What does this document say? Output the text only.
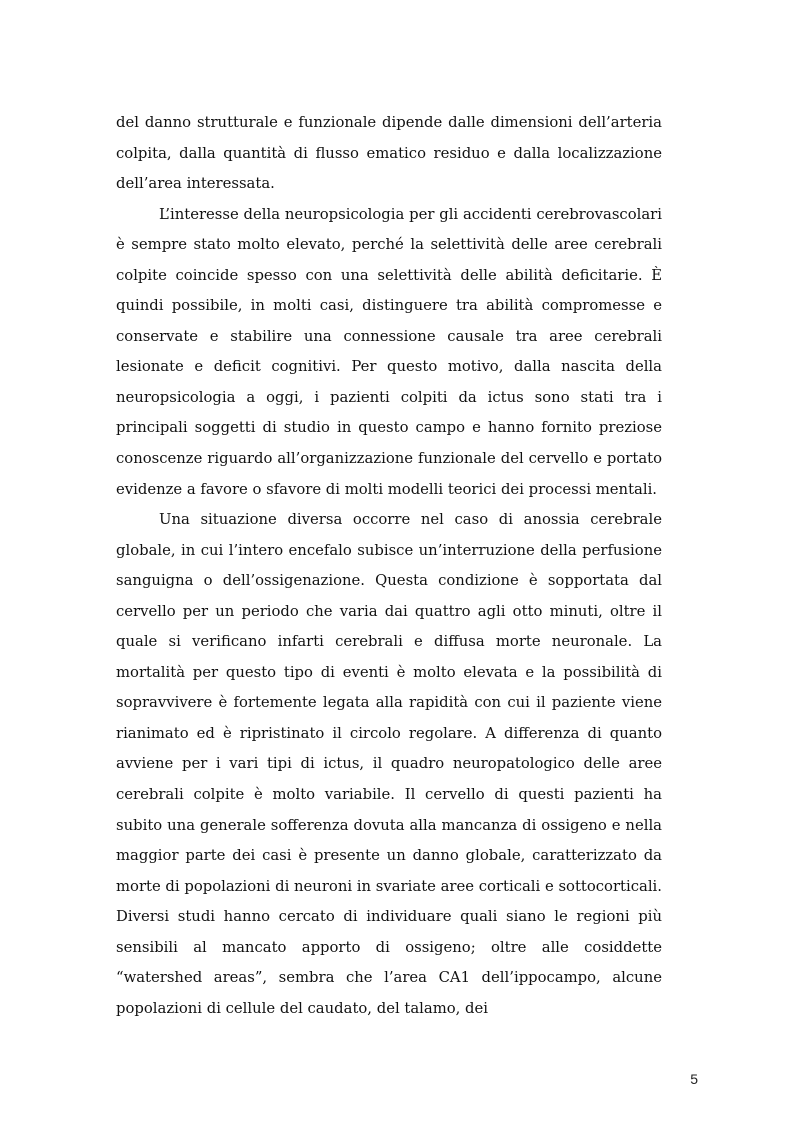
del danno strutturale e funzionale dipende dalle dimensioni dell’arteria colpita, dalla quantità di flusso ematico residuo e dalla localizzazione dell’area interessata.

L’interesse della neuropsicologia per gli accidenti cerebrovascolari è sempre stato molto elevato, perché la selettività delle aree cerebrali colpite coincide spesso con una selettività delle abilità deficitarie. È quindi possibile, in molti casi, distinguere tra abilità compromesse e conservate e stabilire una connessione causale tra aree cerebrali lesionate e deficit cognitivi. Per questo motivo, dalla nascita della neuropsicologia a oggi, i pazienti colpiti da ictus sono stati tra i principali soggetti di studio in questo campo e hanno fornito preziose conoscenze riguardo all’organizzazione funzionale del cervello e portato evidenze a favore o sfavore di molti modelli teorici dei processi mentali.

Una situazione diversa occorre nel caso di anossia cerebrale globale, in cui l’intero encefalo subisce un’interruzione della perfusione sanguigna o dell’ossigenazione. Questa condizione è sopportata dal cervello per un periodo che varia dai quattro agli otto minuti, oltre il quale si verificano infarti cerebrali e diffusa morte neuronale. La mortalità per questo tipo di eventi è molto elevata e la possibilità di sopravvivere è fortemente legata alla rapidità con cui il paziente viene rianimato ed è ripristinato il circolo regolare. A differenza di quanto avviene per i vari tipi di ictus, il quadro neuropatologico delle aree cerebrali colpite è molto variabile. Il cervello di questi pazienti ha subito una generale sofferenza dovuta alla mancanza di ossigeno e nella maggior parte dei casi è presente un danno globale, caratterizzato da morte di popolazioni di neuroni in svariate aree corticali e sottocorticali. Diversi studi hanno cercato di individuare quali siano le regioni più sensibili al mancato apporto di ossigeno; oltre alle cosiddette “watershed areas”, sembra che l’area CA1 dell’ippocampo, alcune popolazioni di cellule del caudato, del talamo, dei

5
